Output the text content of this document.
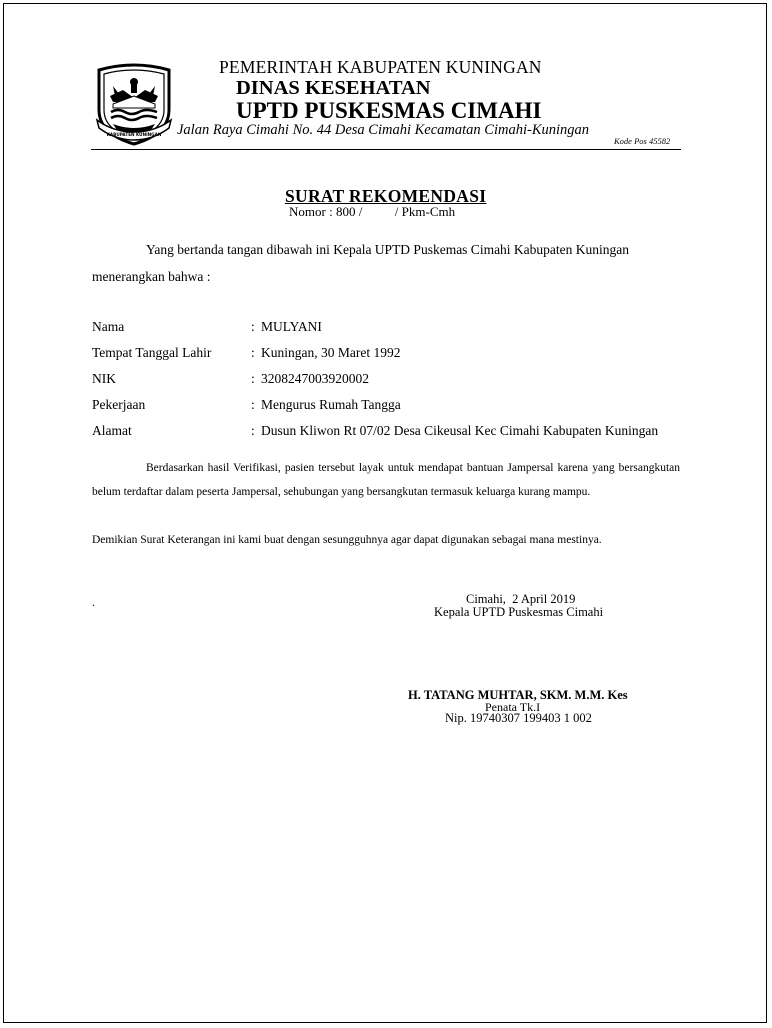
KABUPATEN KUNINGAN
PEMERINTAH KABUPATEN KUNINGAN
DINAS KESEHATAN
UPTD PUSKESMAS CIMAHI
Jalan Raya Cimahi No. 44 Desa Cimahi Kecamatan Cimahi-Kuningan
Kode Pos 45582
SURAT REKOMENDASI
Nomor : 800 /          / Pkm-Cmh
Yang bertanda tangan dibawah ini Kepala UPTD Puskemas Cimahi Kabupaten Kuningan
menerangkan bahwa :
Nama	: MULYANI
Tempat Tanggal Lahir	: Kuningan, 30 Maret 1992
NIK	: 3208247003920002
Pekerjaan	: Mengurus Rumah Tangga
Alamat	: Dusun Kliwon Rt 07/02 Desa Cikeusal Kec Cimahi Kabupaten Kuningan
Berdasarkan hasil Verifikasi, pasien tersebut layak untuk mendapat bantuan Jampersal karena yang bersangkutan belum terdaftar dalam peserta Jampersal, sehubungan yang bersangkutan termasuk keluarga kurang mampu.
Demikian Surat Keterangan ini kami buat dengan sesungguhnya agar dapat digunakan sebagai mana mestinya.
.	Cimahi,  2 April 2019
Kepala UPTD Puskesmas Cimahi
H. TATANG MUHTAR, SKM. M.M. Kes
Penata Tk.I
Nip. 19740307 199403 1 002
